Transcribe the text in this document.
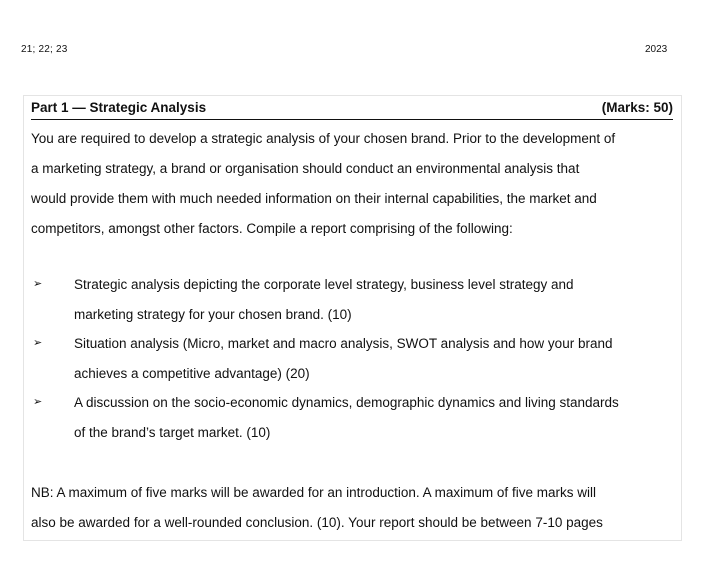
21; 22; 23	2023
Part 1 — Strategic Analysis	(Marks: 50)
You are required to develop a strategic analysis of your chosen brand. Prior to the development of
a marketing strategy, a brand or organisation should conduct an environmental analysis that
would provide them with much needed information on their internal capabilities, the market and
competitors, amongst other factors. Compile a report comprising of the following:
➢ Strategic analysis depicting the corporate level strategy, business level strategy and
marketing strategy for your chosen brand. (10)
➢ Situation analysis (Micro, market and macro analysis, SWOT analysis and how your brand
achieves a competitive advantage) (20)
➢ A discussion on the socio-economic dynamics, demographic dynamics and living standards
of the brand’s target market. (10)
NB: A maximum of five marks will be awarded for an introduction. A maximum of five marks will
also be awarded for a well-rounded conclusion. (10). Your report should be between 7-10 pages
